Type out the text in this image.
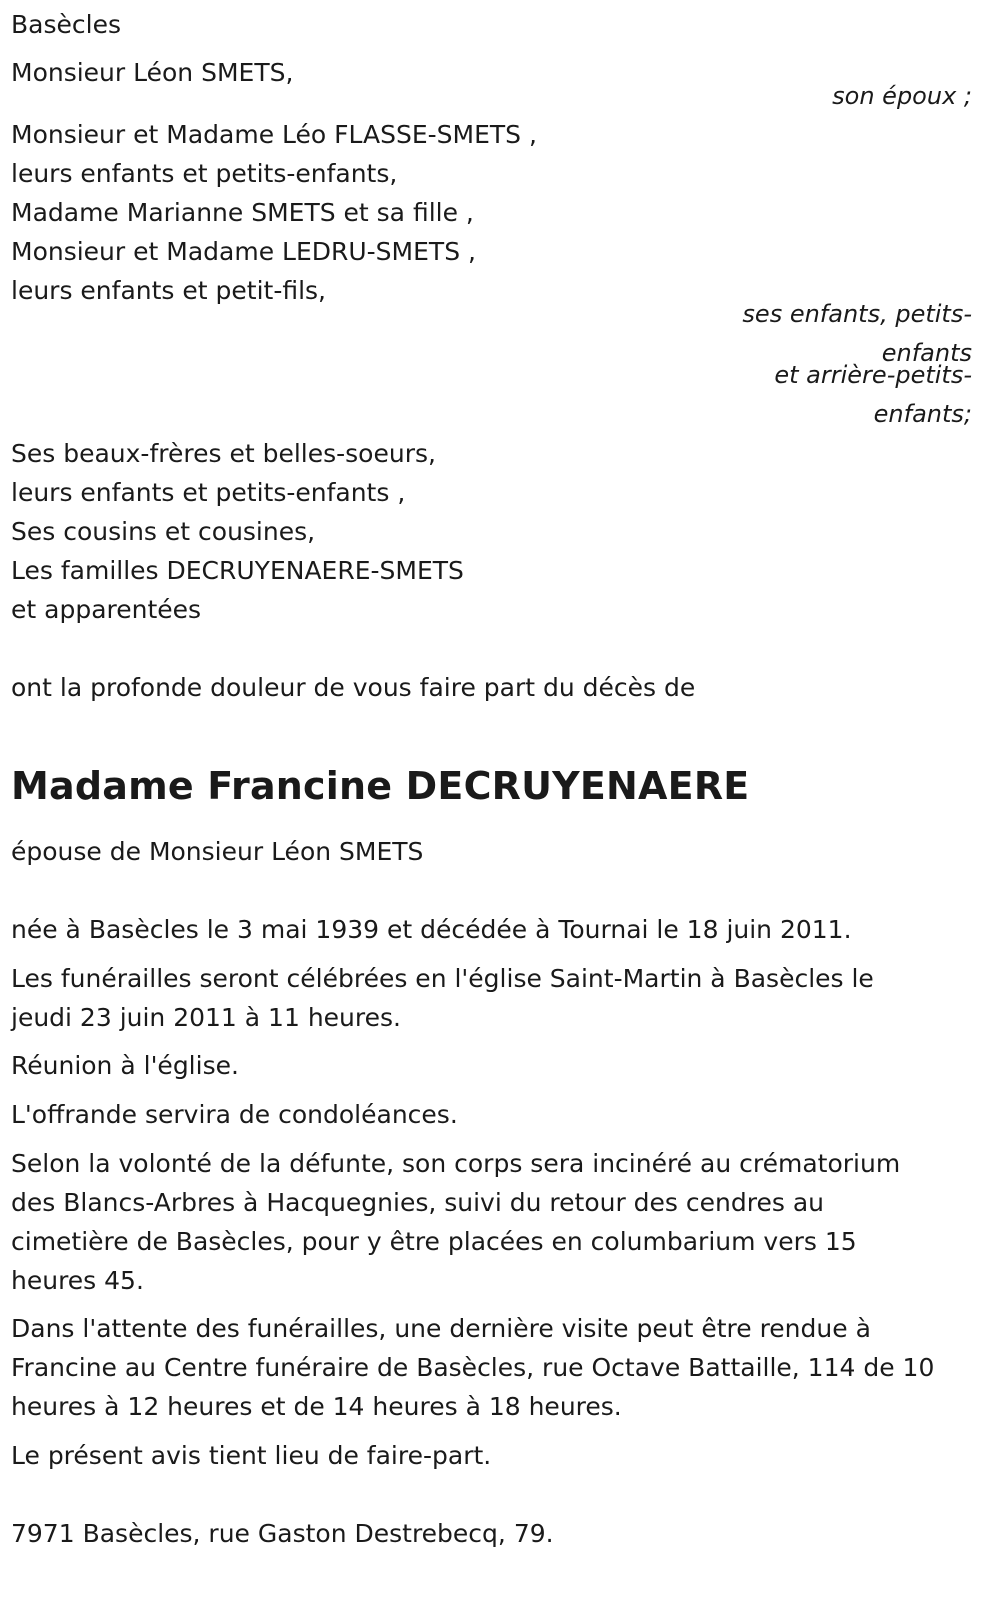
Basècles

Monsieur Léon SMETS,

son époux ;

Monsieur et Madame Léo FLASSE-SMETS ,

leurs enfants et petits-enfants,

Madame Marianne SMETS et sa fille ,

Monsieur et Madame LEDRU-SMETS ,

leurs enfants et petit-fils,

ses enfants, petits-

enfants

et arrière-petits-

enfants;

Ses beaux-frères et belles-soeurs,

leurs enfants et petits-enfants ,

Ses cousins et cousines,

Les familles DECRUYENAERE-SMETS

et apparentées

ont la profonde douleur de vous faire part du décès de

Madame Francine DECRUYENAERE

épouse de Monsieur Léon SMETS

née à Basècles le 3 mai 1939 et décédée à Tournai le 18 juin 2011.

Les funérailles seront célébrées en l'église Saint-Martin à Basècles le

jeudi 23 juin 2011 à 11 heures.

Réunion à l'église.

L'offrande servira de condoléances.

Selon la volonté de la défunte, son corps sera incinéré au crématorium

des Blancs-Arbres à Hacquegnies, suivi du retour des cendres au

cimetière de Basècles, pour y être placées en columbarium vers 15

heures 45.

Dans l'attente des funérailles, une dernière visite peut être rendue à

Francine au Centre funéraire de Basècles, rue Octave Battaille, 114 de 10

heures à 12 heures et de 14 heures à 18 heures.

Le présent avis tient lieu de faire-part.

7971 Basècles, rue Gaston Destrebecq, 79.
